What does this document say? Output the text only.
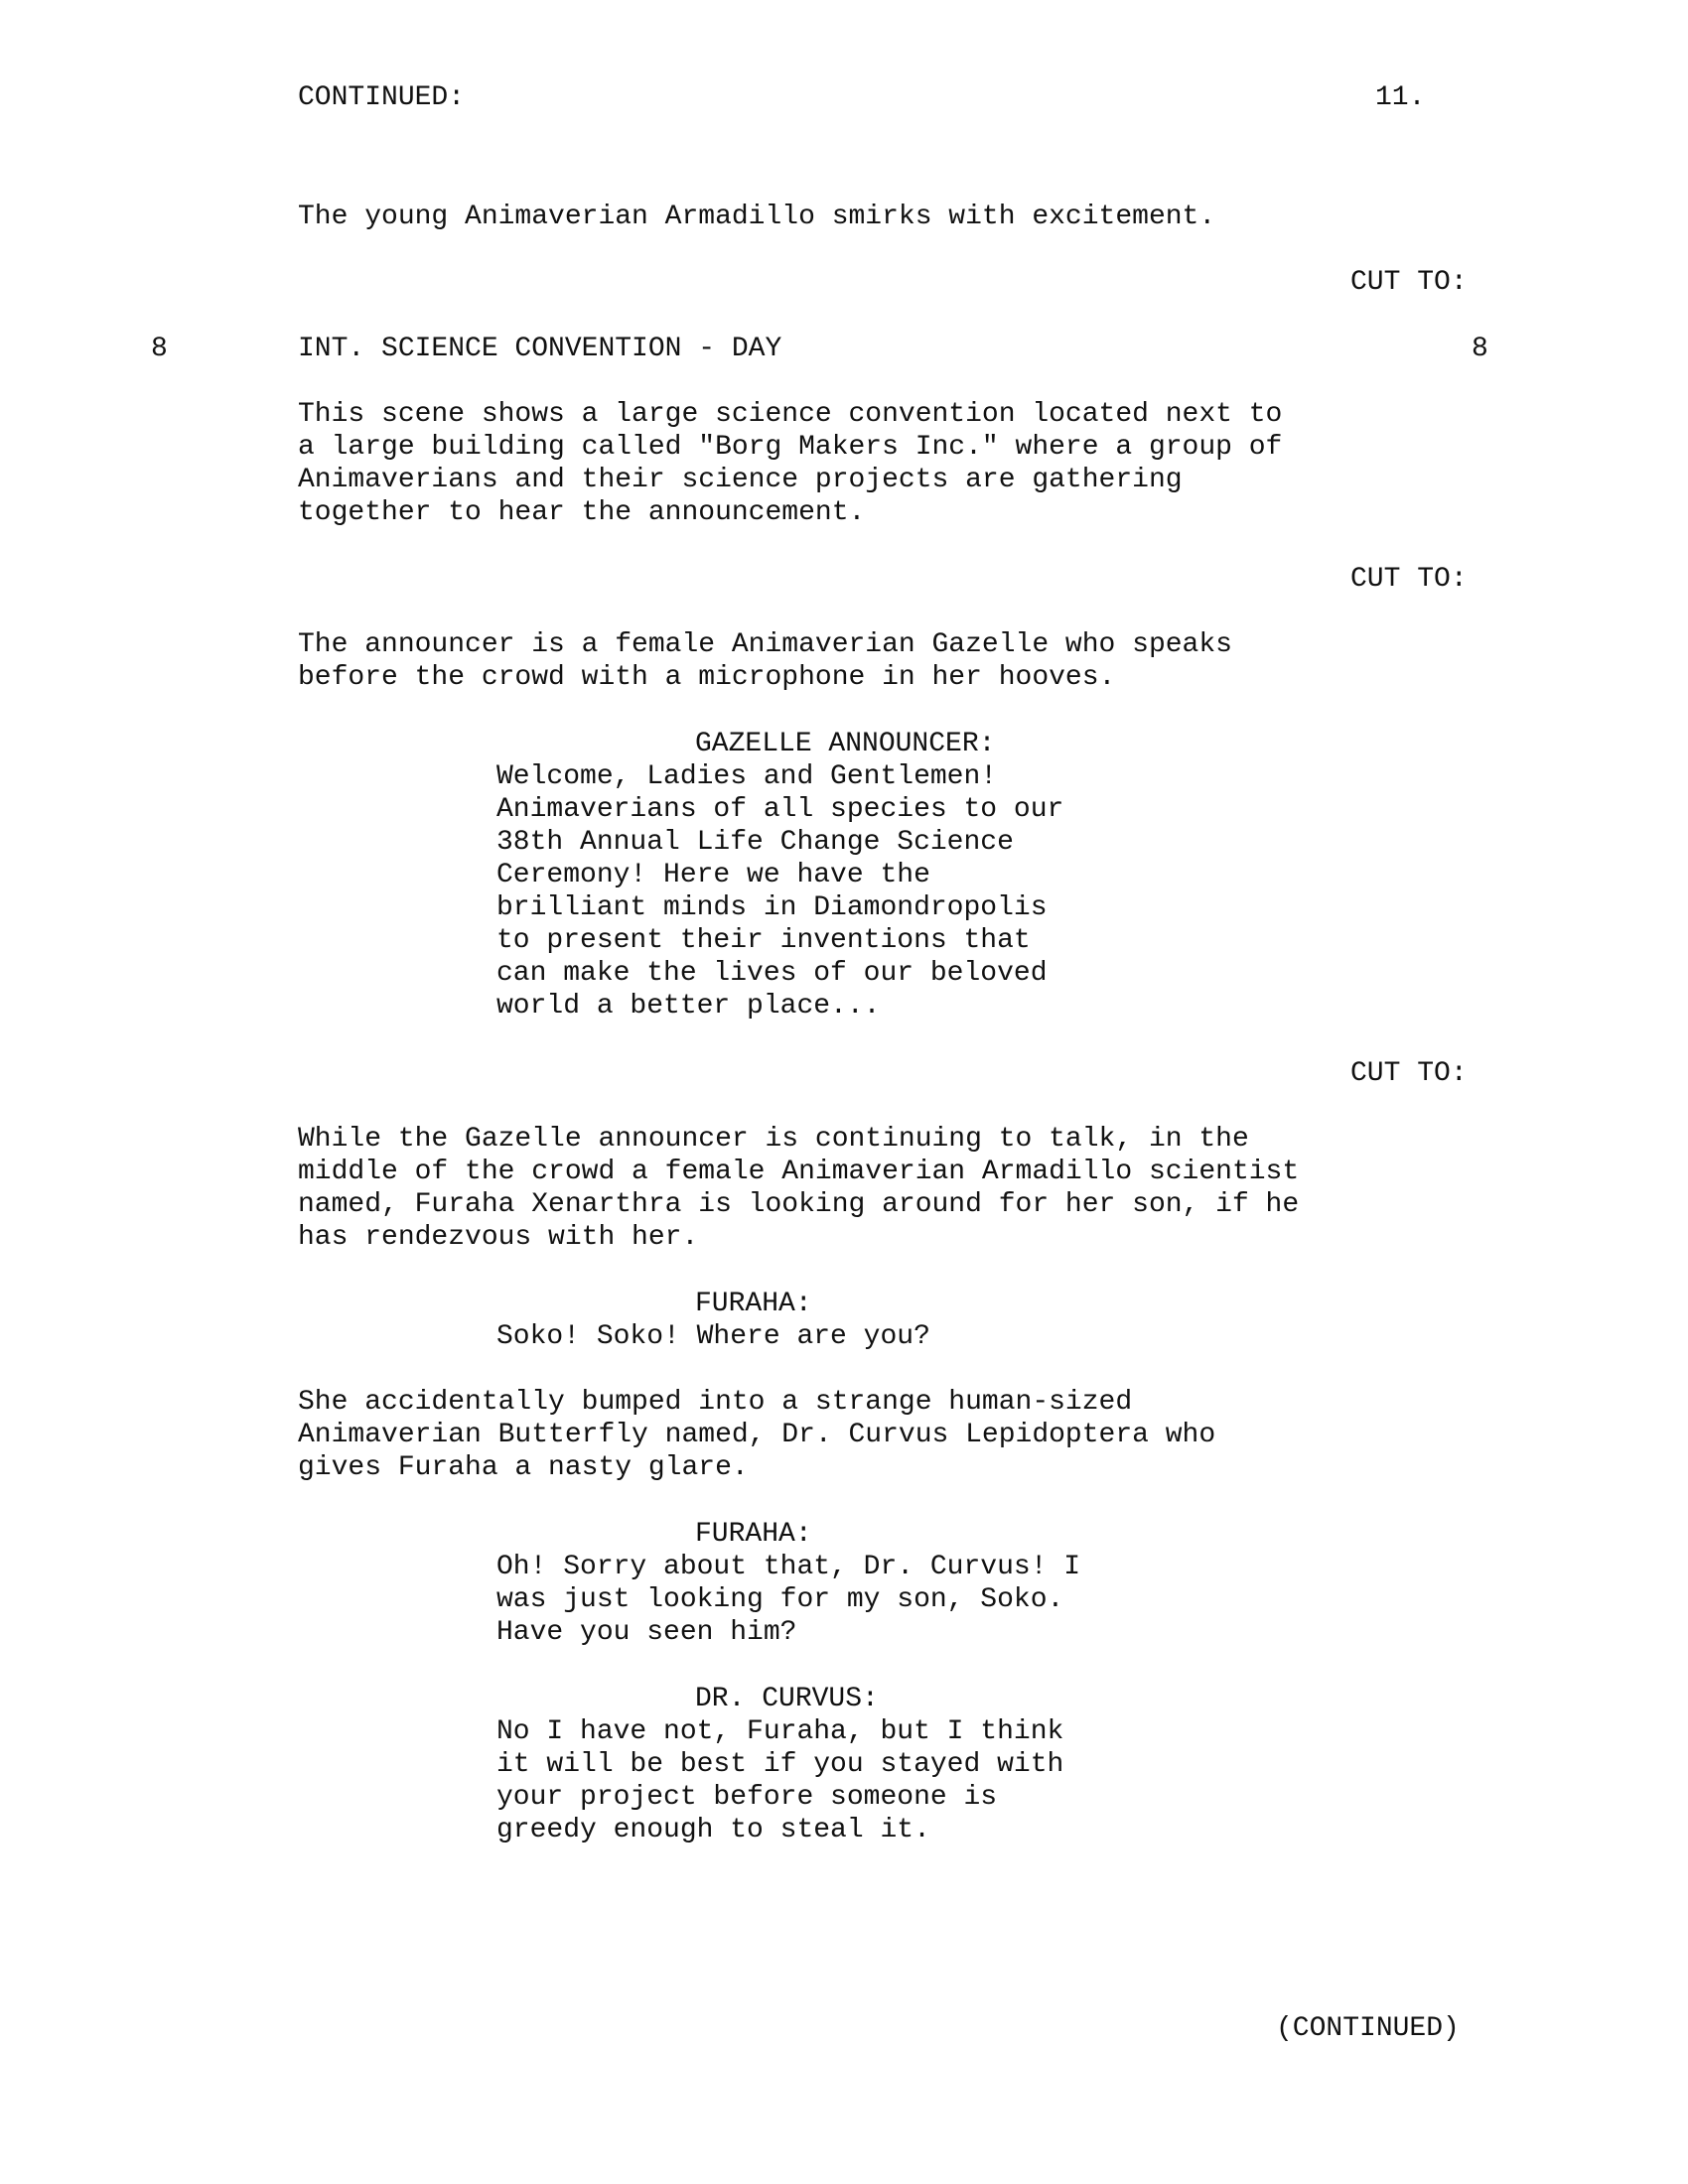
CONTINUED:	11.
The young Animaverian Armadillo smirks with excitement.
CUT TO:
8	INT. SCIENCE CONVENTION - DAY	8
This scene shows a large science convention located next to
a large building called "Borg Makers Inc." where a group of
Animaverians and their science projects are gathering
together to hear the announcement.
CUT TO:
The announcer is a female Animaverian Gazelle who speaks
before the crowd with a microphone in her hooves.
GAZELLE ANNOUNCER:
Welcome, Ladies and Gentlemen!
Animaverians of all species to our
38th Annual Life Change Science
Ceremony! Here we have the
brilliant minds in Diamondropolis
to present their inventions that
can make the lives of our beloved
world a better place...
CUT TO:
While the Gazelle announcer is continuing to talk, in the
middle of the crowd a female Animaverian Armadillo scientist
named, Furaha Xenarthra is looking around for her son, if he
has rendezvous with her.
FURAHA:
Soko! Soko! Where are you?
She accidentally bumped into a strange human-sized
Animaverian Butterfly named, Dr. Curvus Lepidoptera who
gives Furaha a nasty glare.
FURAHA:
Oh! Sorry about that, Dr. Curvus! I
was just looking for my son, Soko.
Have you seen him?
DR. CURVUS:
No I have not, Furaha, but I think
it will be best if you stayed with
your project before someone is
greedy enough to steal it.
(CONTINUED)
